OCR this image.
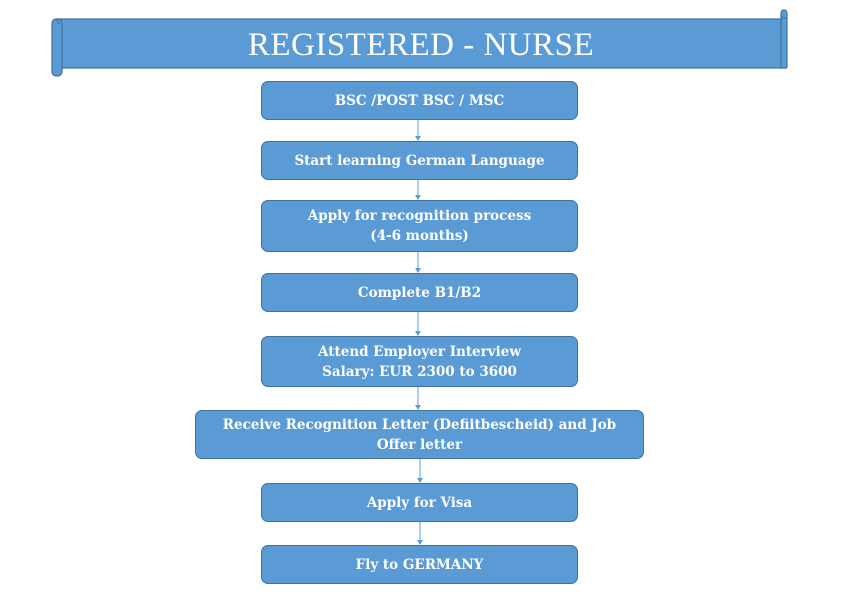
REGISTERED - NURSE
BSC /POST BSC / MSC
Start learning German Language
Apply for recognition process
(4-6 months)
Complete B1/B2
Attend Employer Interview
Salary: EUR 2300 to 3600
Receive Recognition Letter (Defiitbescheid) and Job
Offer letter
Apply for Visa
Fly to GERMANY
